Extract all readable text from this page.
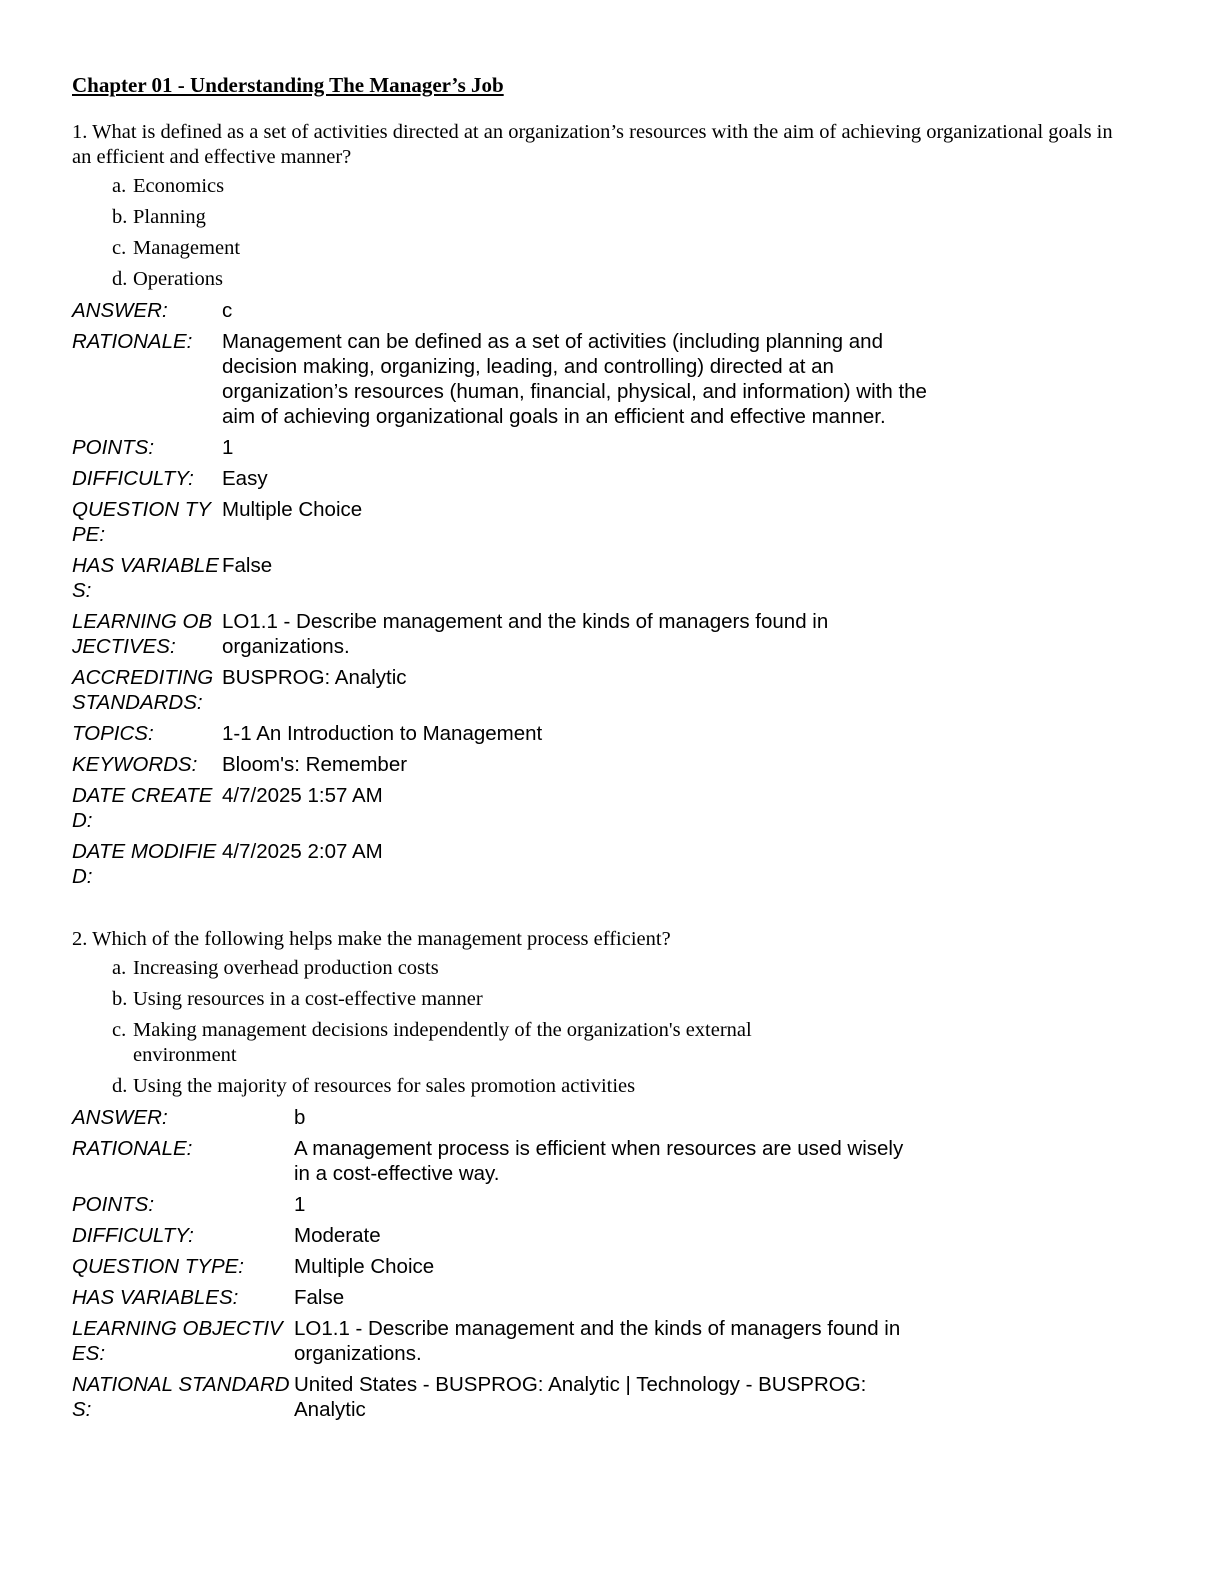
Chapter 01 - Understanding The Manager’s Job

1. What is defined as a set of activities directed at an organization’s resources with the aim of achieving organizational goals in an efficient and effective manner?

a. Economics
b. Planning
c. Management
d. Operations
ANSWER:	c
RATIONALE:	Management can be defined as a set of activities (including planning and decision making, organizing, leading, and controlling) directed at an organization’s resources (human, financial, physical, and information) with the aim of achieving organizational goals in an efficient and effective manner.
POINTS:	1
DIFFICULTY:	Easy
QUESTION TYPE:	Multiple Choice
HAS VARIABLES:	False
LEARNING OBJECTIVES:	LO1.1 - Describe management and the kinds of managers found in organizations.
ACCREDITING STANDARDS:	BUSPROG: Analytic
TOPICS:	1-1 An Introduction to Management
KEYWORDS:	Bloom's: Remember
DATE CREATED:	4/7/2025 1:57 AM
DATE MODIFIED:	4/7/2025 2:07 AM

2. Which of the following helps make the management process efficient?

a. Increasing overhead production costs
b. Using resources in a cost-effective manner
c. Making management decisions independently of the organization's external environment
d. Using the majority of resources for sales promotion activities
ANSWER:	b
RATIONALE:	A management process is efficient when resources are used wisely in a cost-effective way.
POINTS:	1
DIFFICULTY:	Moderate
QUESTION TYPE:	Multiple Choice
HAS VARIABLES:	False
LEARNING OBJECTIVES:	LO1.1 - Describe management and the kinds of managers found in organizations.
NATIONAL STANDARDS:	United States - BUSPROG: Analytic | Technology - BUSPROG: Analytic
